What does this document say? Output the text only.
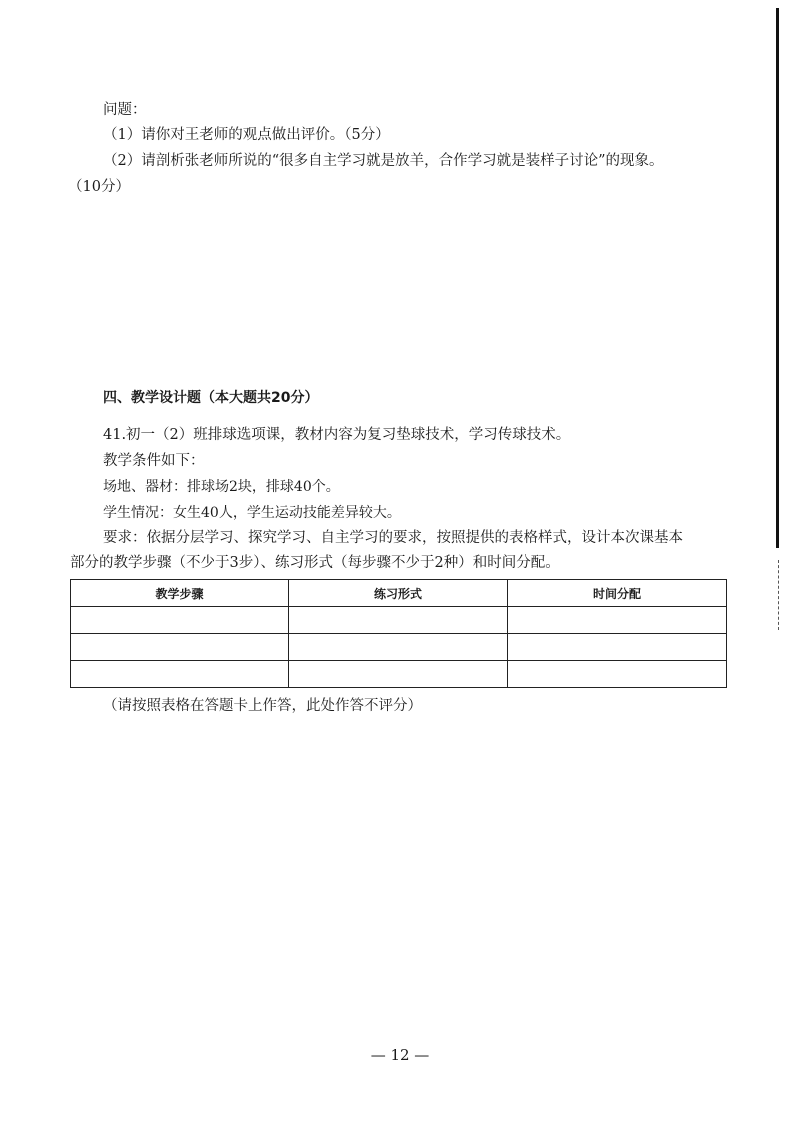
问题：
（1）请你对王老师的观点做出评价。（5分）
（2）请剖析张老师所说的“很多自主学习就是放羊，合作学习就是装样子讨论”的现象。
（10分）
四、教学设计题（本大题共20分）
41.初一（2）班排球选项课，教材内容为复习垫球技术，学习传球技术。
教学条件如下：
场地、器材：排球场2块，排球40个。
学生情况：女生40人，学生运动技能差异较大。
要求：依据分层学习、探究学习、自主学习的要求，按照提供的表格样式，设计本次课基本
部分的教学步骤（不少于3步）、练习形式（每步骤不少于2种）和时间分配。
教学步骤	练习形式	时间分配

（请按照表格在答题卡上作答，此处作答不评分）
— 12 —
